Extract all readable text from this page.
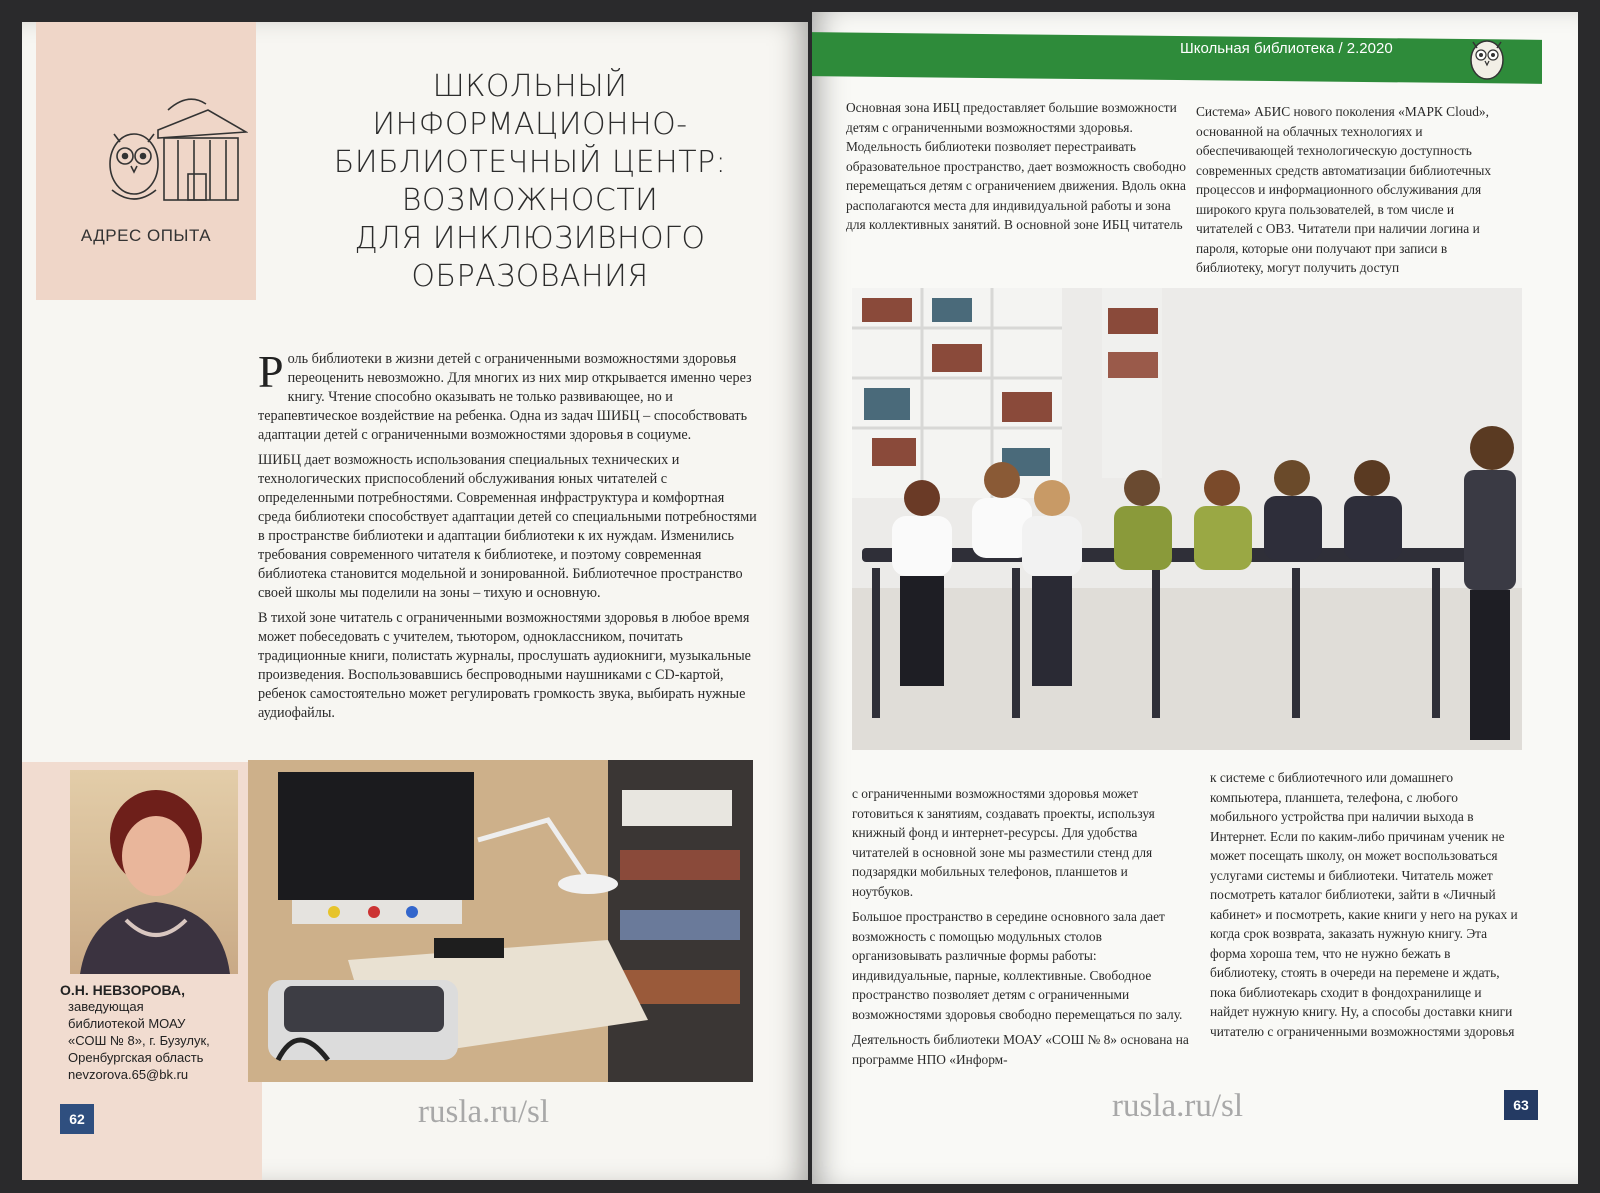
АДРЕС ОПЫТА
ШКОЛЬНЫЙ
ИНФОРМАЦИОННО-
БИБЛИОТЕЧНЫЙ ЦЕНТР:
ВОЗМОЖНОСТИ
ДЛЯ ИНКЛЮЗИВНОГО
ОБРАЗОВАНИЯ

Роль библиотеки в жизни детей с ограниченными возможностями здоровья переоценить невозможно. Для многих из них мир открывается именно через книгу. Чтение способно оказывать не только развивающее, но и терапевтическое воздействие на ребенка. Одна из задач ШИБЦ – способствовать адаптации детей с ограниченными возможностями здоровья в социуме.

ШИБЦ дает возможность использования специальных технических и технологических приспособлений обслуживания юных читателей с определенными потребностями. Современная инфраструктура и комфортная среда библиотеки способствует адаптации детей со специальными потребностями в пространстве библиотеки и адаптации библиотеки к их нуждам. Изменились требования современного читателя к библиотеке, и поэтому современная библиотека становится модельной и зонированной. Библиотечное пространство своей школы мы поделили на зоны – тихую и основную.

В тихой зоне читатель с ограниченными возможностями здоровья в любое время может побеседовать с учителем, тьютором, одноклассником, почитать традиционные книги, полистать журналы, прослушать аудиокниги, музыкальные произведения. Воспользовавшись беспроводными наушниками с CD-картой, ребенок самостоятельно может регулировать громкость звука, выбирать нужные аудиофайлы.

О.Н. НЕВЗОРОВА,
заведующая
библиотекой МОАУ
«СОШ № 8», г. Бузулук,
Оренбургская область
nevzorova.65@bk.ru
62	rusla.ru/sl
Школьная библиотека / 2.2020
Основная зона ИБЦ предоставляет большие возможности детям с ограниченными возможностями здоровья. Модельность библиотеки позволяет перестраивать образовательное пространство, дает возможность свободно перемещаться детям с ограничением движения. Вдоль окна располагаются места для индивидуальной работы и зона для коллективных занятий. В основной зоне ИБЦ читатель
Система» АБИС нового поколения «МАРК Cloud», основанной на облачных технологиях и обеспечивающей технологическую доступность современных средств автоматизации библиотечных процессов и информационного обслуживания для широкого круга пользователей, в том числе и читателей с ОВЗ. Читатели при наличии логина и пароля, которые они получают при записи в библиотеку, могут получить доступ

с ограниченными возможностями здоровья может готовиться к занятиям, создавать проекты, используя книжный фонд и интернет-ресурсы. Для удобства читателей в основной зоне мы разместили стенд для подзарядки мобильных телефонов, планшетов и ноутбуков.

Большое пространство в середине основного зала дает возможность с помощью модульных столов организовывать различные формы работы: индивидуальные, парные, коллективные. Свободное пространство позволяет детям с ограниченными возможностями здоровья свободно перемещаться по залу.

Деятельность библиотеки МОАУ «СОШ № 8» основана на программе НПО «Информ-

к системе с библиотечного или домашнего компьютера, планшета, телефона, с любого мобильного устройства при наличии выхода в Интернет. Если по каким-либо причинам ученик не может посещать школу, он может воспользоваться услугами системы и библиотеки. Читатель может посмотреть каталог библиотеки, зайти в «Личный кабинет» и посмотреть, какие книги у него на руках и когда срок возврата, заказать нужную книгу. Эта форма хороша тем, что не нужно бежать в библиотеку, стоять в очереди на перемене и ждать, пока библиотекарь сходит в фондохранилище и найдет нужную книгу. Ну, а способы доставки книги читателю с ограниченными возможностями здоровья
rusla.ru/sl	63
